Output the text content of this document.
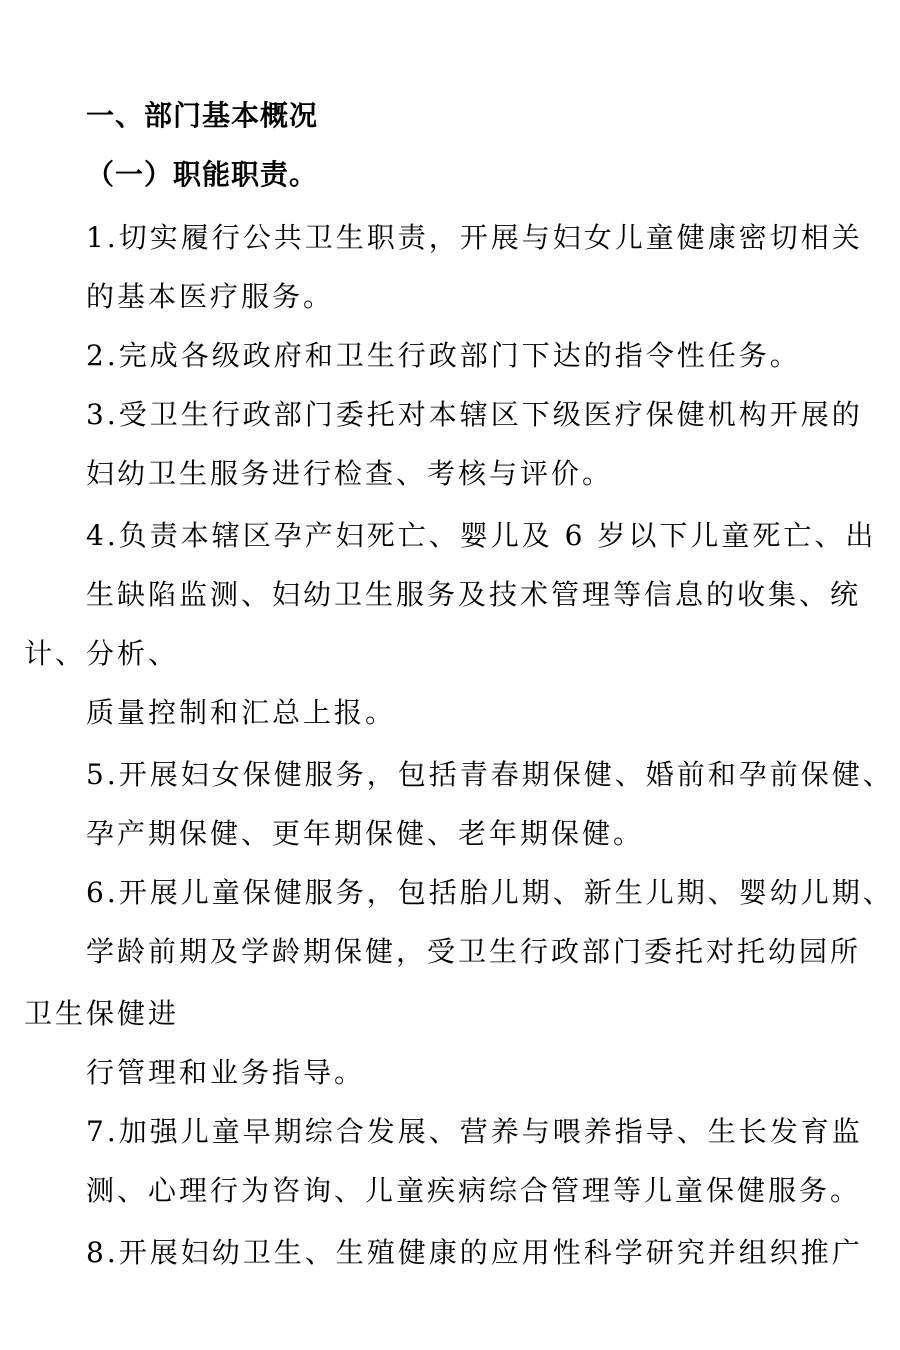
一、部门基本概况

（一）职能职责。

1.切实履行公共卫生职责，开展与妇女儿童健康密切相关

的基本医疗服务。

2.完成各级政府和卫生行政部门下达的指令性任务。

3.受卫生行政部门委托对本辖区下级医疗保健机构开展的

妇幼卫生服务进行检查、考核与评价。

4.负责本辖区孕产妇死亡、婴儿及 6 岁以下儿童死亡、出

生缺陷监测、妇幼卫生服务及技术管理等信息的收集、统

计、分析、

质量控制和汇总上报。

5.开展妇女保健服务，包括青春期保健、婚前和孕前保健、

孕产期保健、更年期保健、老年期保健。

6.开展儿童保健服务，包括胎儿期、新生儿期、婴幼儿期、

学龄前期及学龄期保健，受卫生行政部门委托对托幼园所

卫生保健进

行管理和业务指导。

7.加强儿童早期综合发展、营养与喂养指导、生长发育监

测、心理行为咨询、儿童疾病综合管理等儿童保健服务。

8.开展妇幼卫生、生殖健康的应用性科学研究并组织推广
